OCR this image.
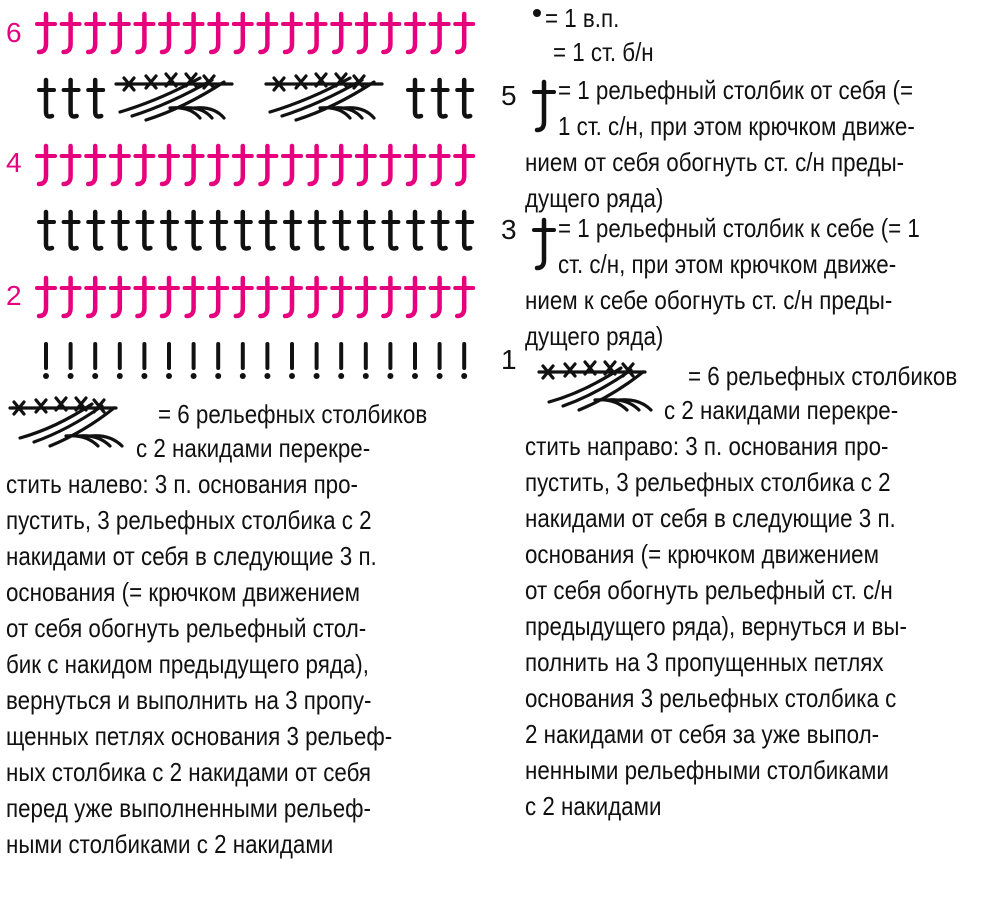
6
5
4
3
2
1
= 1 в.п.
= 1 ст. б/н
= 1 рельефный столбик от себя (=
1 ст. с/н, при этом крючком движе-
нием от себя обогнуть ст. с/н преды-
дущего ряда)
= 1 рельефный столбик к себе (= 1
ст. с/н, при этом крючком движе-
нием к себе обогнуть ст. с/н преды-
дущего ряда)
= 6 рельефных столбиков
с 2 накидами перекре-
стить направо: 3 п. основания про-
пустить, 3 рельефных столбика с 2
накидами от себя в следующие 3 п.
основания (= крючком движением
от себя обогнуть рельефный ст. с/н
предыдущего ряда), вернуться и вы-
полнить на 3 пропущенных петлях
основания 3 рельефных столбика с
2 накидами от себя за уже выпол-
ненными рельефными столбиками
с 2 накидами
= 6 рельефных столбиков
с 2 накидами перекре-
стить налево: 3 п. основания про-
пустить, 3 рельефных столбика с 2
накидами от себя в следующие 3 п.
основания (= крючком движением
от себя обогнуть рельефный стол-
бик с накидом предыдущего ряда),
вернуться и выполнить на 3 пропу-
щенных петлях основания 3 рельеф-
ных столбика с 2 накидами от себя
перед уже выполненными рельеф-
ными столбиками с 2 накидами
